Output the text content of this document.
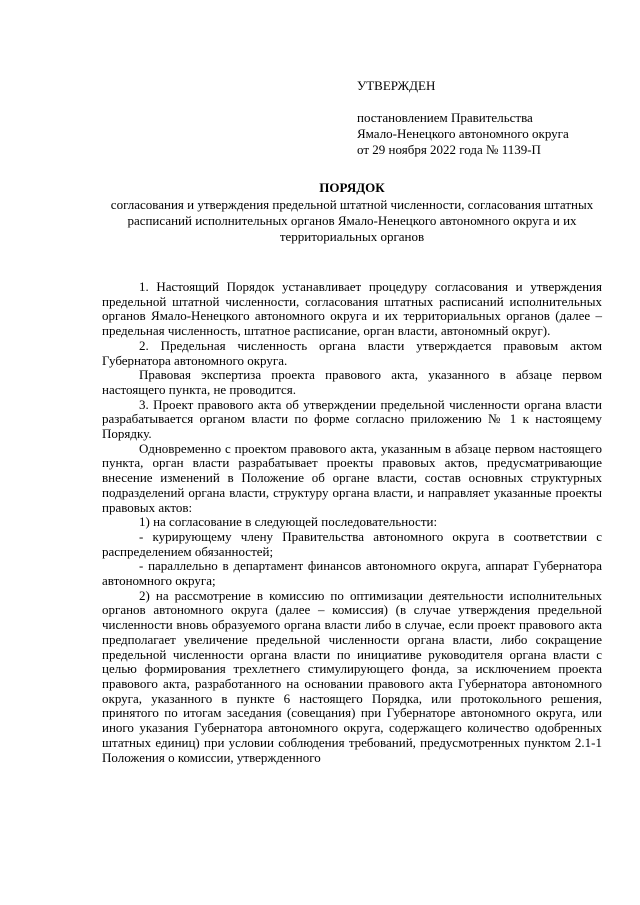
УТВЕРЖДЕН

постановлением Правительства

Ямало-Ненецкого автономного округа

от 29 ноября 2022 года № 1139-П

ПОРЯДОК

согласования и утверждения предельной штатной численности, согласования штатных расписаний исполнительных органов Ямало-Ненецкого автономного округа и их территориальных органов

1. Настоящий Порядок устанавливает процедуру согласования и утверждения предельной штатной численности, согласования штатных расписаний исполнительных органов Ямало-Ненецкого автономного округа и их территориальных органов (далее – предельная численность, штатное расписание, орган власти, автономный округ).

2. Предельная численность органа власти утверждается правовым актом Губернатора автономного округа.

Правовая экспертиза проекта правового акта, указанного в абзаце первом настоящего пункта, не проводится.

3. Проект правового акта об утверждении предельной численности органа власти разрабатывается органом власти по форме согласно приложению № 1 к настоящему Порядку.

Одновременно с проектом правового акта, указанным в абзаце первом настоящего пункта, орган власти разрабатывает проекты правовых актов, предусматривающие внесение изменений в Положение об органе власти, состав основных структурных подразделений органа власти, структуру органа власти, и направляет указанные проекты правовых актов:

1) на согласование в следующей последовательности:

- курирующему члену Правительства автономного округа в соответствии с распределением обязанностей;

- параллельно в департамент финансов автономного округа, аппарат Губернатора автономного округа;

2) на рассмотрение в комиссию по оптимизации деятельности исполнительных органов автономного округа (далее – комиссия) (в случае утверждения предельной численности вновь образуемого органа власти либо в случае, если проект правового акта предполагает увеличение предельной численности органа власти, либо сокращение предельной численности органа власти по инициативе руководителя органа власти с целью формирования трехлетнего стимулирующего фонда, за исключением проекта правового акта, разработанного на основании правового акта Губернатора автономного округа, указанного в пункте 6 настоящего Порядка, или протокольного решения, принятого по итогам заседания (совещания) при Губернаторе автономного округа, или иного указания Губернатора автономного округа, содержащего количество одобренных штатных единиц) при условии соблюдения требований, предусмотренных пунктом 2.1-1 Положения о комиссии, утвержденного
